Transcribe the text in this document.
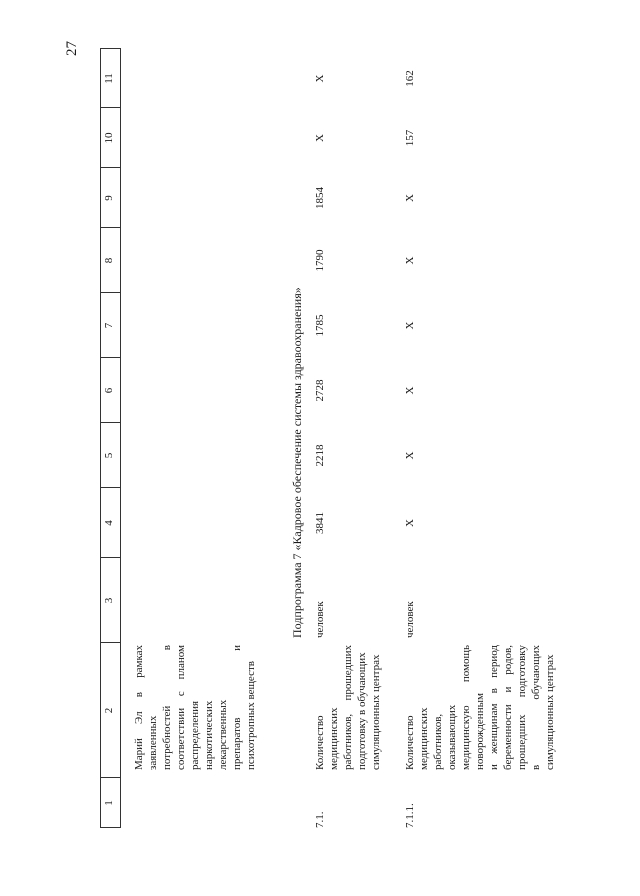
27
1
2
3
4
5
6
7
8
9
10
11
Марий Эл в рамках заявленных потребностей в соответствии с планом распределения наркотических лекарственных препаратов и психотропных веществ
Подпрограмма 7 «Кадровое обеспечение системы здравоохранения»
7.1.
Количество медицинских работников, прошедших подготовку в обучающих симуляционных центрах
человек
3841
2218
2728
1785
1790
1854
X
X
7.1.1.
Количество медицинских работников, оказывающих медицинскую помощь новорожденным и женщинам в период беременности и родов, прошедших подготовку в обучающих симуляционных центрах
человек
X
X
X
X
X
X
157
162
